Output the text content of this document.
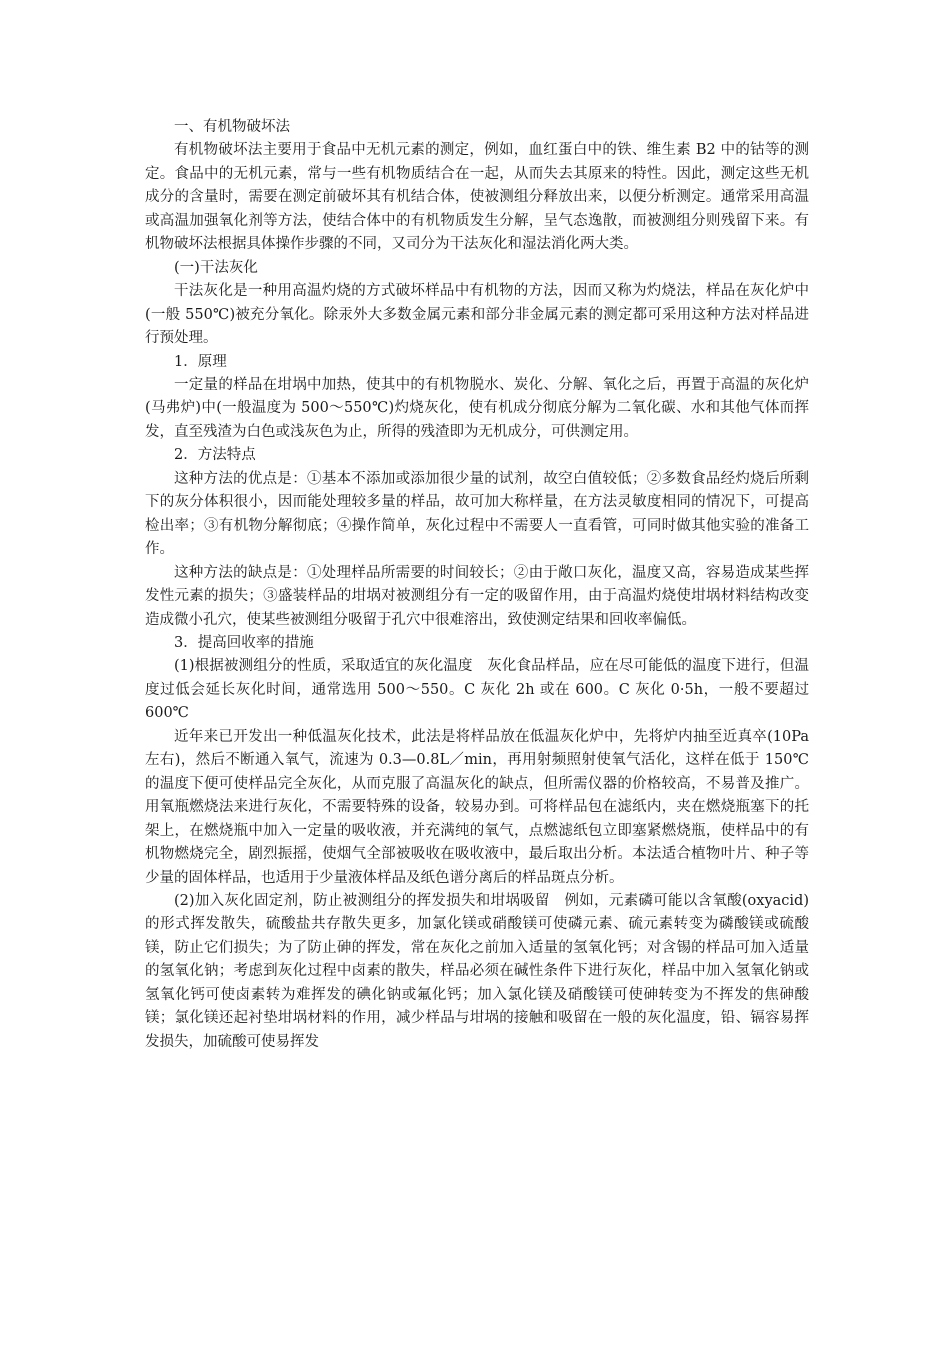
一、有机物破坏法
有机物破坏法主要用于食品中无机元素的测定，例如，血红蛋白中的铁、维生素 B2 中的钴等的测定。食品中的无机元素，常与一些有机物质结合在一起，从而失去其原来的特性。因此，测定这些无机成分的含量时，需要在测定前破坏其有机结合体，使被测组分释放出来，以便分析测定。通常采用高温或高温加强氧化剂等方法，使结合体中的有机物质发生分解，呈气态逸散，而被测组分则残留下来。有机物破坏法根据具体操作步骤的不同，又司分为干法灰化和湿法消化两大类。
(一)干法灰化
干法灰化是一种用高温灼烧的方式破坏样品中有机物的方法，因而又称为灼烧法，样品在灰化炉中(一般 550℃)被充分氧化。除汞外大多数金属元素和部分非金属元素的测定都可采用这种方法对样品进行预处理。
1．原理
一定量的样品在坩埚中加热，使其中的有机物脱水、炭化、分解、氧化之后，再置于高温的灰化炉(马弗炉)中(一般温度为 500～550℃)灼烧灰化，使有机成分彻底分解为二氧化碳、水和其他气体而挥发，直至残渣为白色或浅灰色为止，所得的残渣即为无机成分，可供测定用。
2．方法特点
这种方法的优点是：①基本不添加或添加很少量的试剂，故空白值较低；②多数食品经灼烧后所剩下的灰分体积很小，因而能处理较多量的样品，故可加大称样量，在方法灵敏度相同的情况下，可提高检出率；③有机物分解彻底；④操作简单，灰化过程中不需要人一直看管，可同时做其他实验的准备工作。
这种方法的缺点是：①处理样品所需要的时间较长；②由于敞口灰化，温度又高，容易造成某些挥发性元素的损失；③盛装样品的坩埚对被测组分有一定的吸留作用，由于高温灼烧使坩埚材料结构改变造成微小孔穴，使某些被测组分吸留于孔穴中很难溶出，致使测定结果和回收率偏低。
3．提高回收率的措施
(1)根据被测组分的性质，采取适宜的灰化温度　灰化食品样品，应在尽可能低的温度下进行，但温度过低会延长灰化时间，通常选用 500～550。C 灰化 2h 或在 600。C 灰化 0·5h，一般不要超过 600℃
近年来已开发出一种低温灰化技术，此法是将样品放在低温灰化炉中，先将炉内抽至近真卒(10Pa 左右)，然后不断通入氧气，流速为 0.3—0.8L／min，再用射频照射使氧气活化，这样在低于 150℃的温度下便可使样品完全灰化，从而克服了高温灰化的缺点，但所需仪器的价格较高，不易普及推广。用氧瓶燃烧法来进行灰化，不需要特殊的设备，较易办到。可将样品包在滤纸内，夹在燃烧瓶塞下的托架上，在燃烧瓶中加入一定量的吸收液，并充满纯的氧气，点燃滤纸包立即塞紧燃烧瓶，使样品中的有机物燃烧完全，剧烈振摇，使烟气全部被吸收在吸收液中，最后取出分析。本法适合植物叶片、种子等少量的固体样品，也适用于少量液体样品及纸色谱分离后的样品斑点分析。
(2)加入灰化固定剂，防止被测组分的挥发损失和坩埚吸留　例如，元素磷可能以含氧酸(oxyacid)的形式挥发散失，硫酸盐共存散失更多，加氯化镁或硝酸镁可使磷元素、硫元素转变为磷酸镁或硫酸镁，防止它们损失；为了防止砷的挥发，常在灰化之前加入适量的氢氧化钙；对含锡的样品可加入适量的氢氧化钠；考虑到灰化过程中卤素的散失，样品必须在碱性条件下进行灰化，样品中加入氢氧化钠或氢氧化钙可使卤素转为难挥发的碘化钠或氟化钙；加入氯化镁及硝酸镁可使砷转变为不挥发的焦砷酸镁；氯化镁还起衬垫坩埚材料的作用，减少样品与坩埚的接触和吸留在一般的灰化温度，铅、镉容易挥发损失，加硫酸可使易挥发
